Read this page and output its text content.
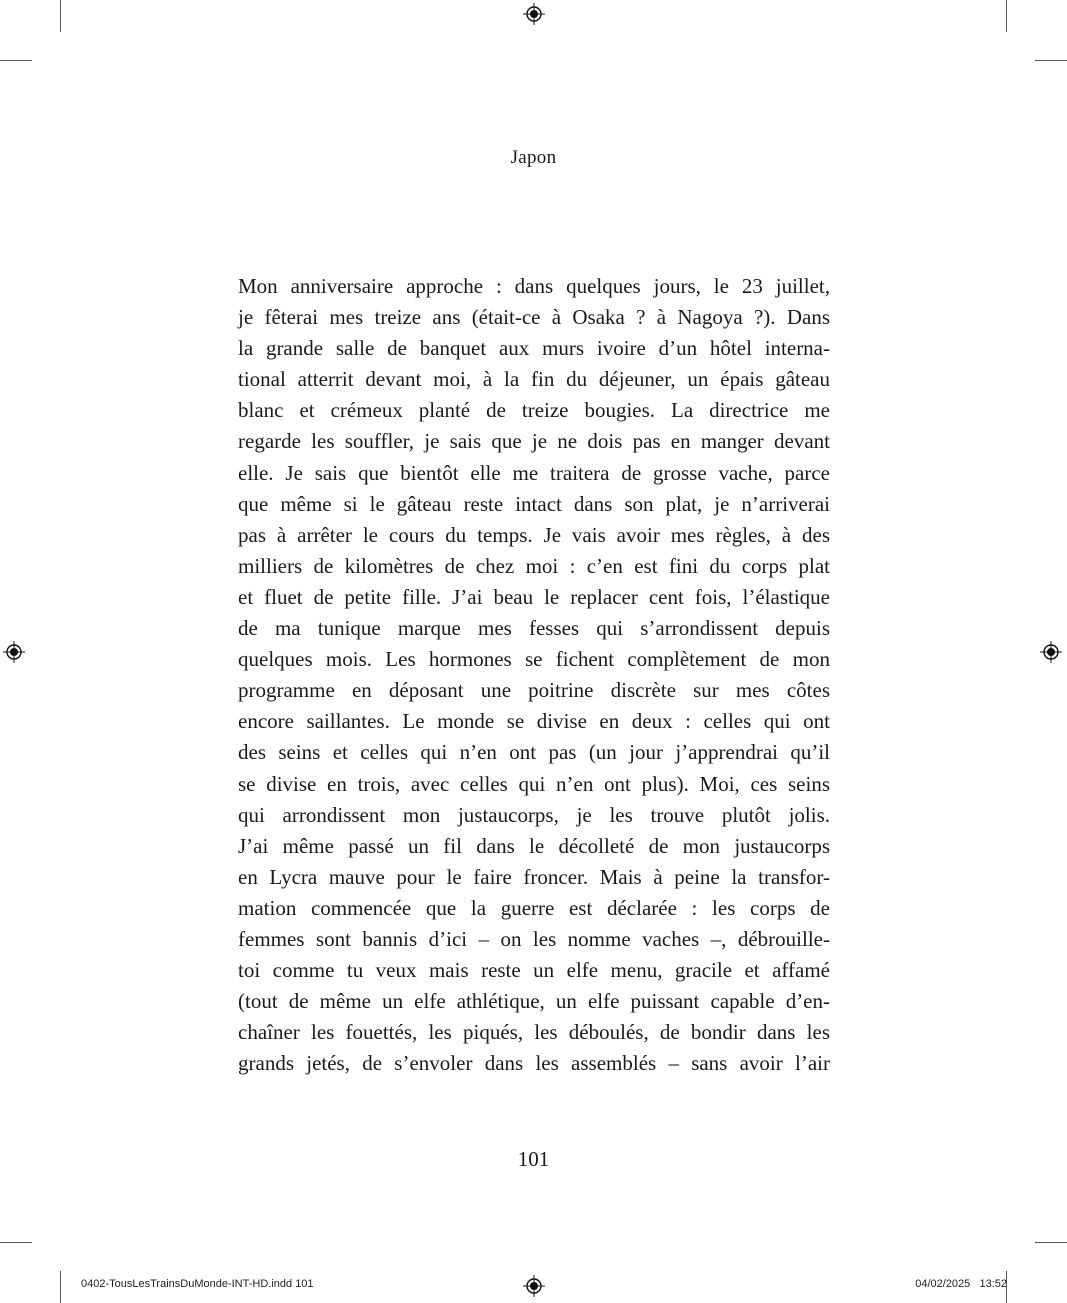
Japon
Mon anniversaire approche : dans quelques jours, le 23 juillet,
je fêterai mes treize ans (était-ce à Osaka ? à Nagoya ?). Dans
la grande salle de banquet aux murs ivoire d’un hôtel interna-
tional atterrit devant moi, à la fin du déjeuner, un épais gâteau
blanc et crémeux planté de treize bougies. La directrice me
regarde les souffler, je sais que je ne dois pas en manger devant
elle. Je sais que bientôt elle me traitera de grosse vache, parce
que même si le gâteau reste intact dans son plat, je n’arriverai
pas à arrêter le cours du temps. Je vais avoir mes règles, à des
milliers de kilomètres de chez moi : c’en est fini du corps plat
et fluet de petite fille. J’ai beau le replacer cent fois, l’élastique
de ma tunique marque mes fesses qui s’arrondissent depuis
quelques mois. Les hormones se fichent complètement de mon
programme en déposant une poitrine discrète sur mes côtes
encore saillantes. Le monde se divise en deux : celles qui ont
des seins et celles qui n’en ont pas (un jour j’apprendrai qu’il
se divise en trois, avec celles qui n’en ont plus). Moi, ces seins
qui arrondissent mon justaucorps, je les trouve plutôt jolis.
J’ai même passé un fil dans le décolleté de mon justaucorps
en Lycra mauve pour le faire froncer. Mais à peine la transfor-
mation commencée que la guerre est déclarée : les corps de
femmes sont bannis d’ici – on les nomme vaches –, débrouille-
toi comme tu veux mais reste un elfe menu, gracile et affamé
(tout de même un elfe athlétique, un elfe puissant capable d’en-
chaîner les fouettés, les piqués, les déboulés, de bondir dans les
grands jetés, de s’envoler dans les assemblés – sans avoir l’air
101
0402-TousLesTrainsDuMonde-INT-HD.indd 101	04/02/2025 13:52
